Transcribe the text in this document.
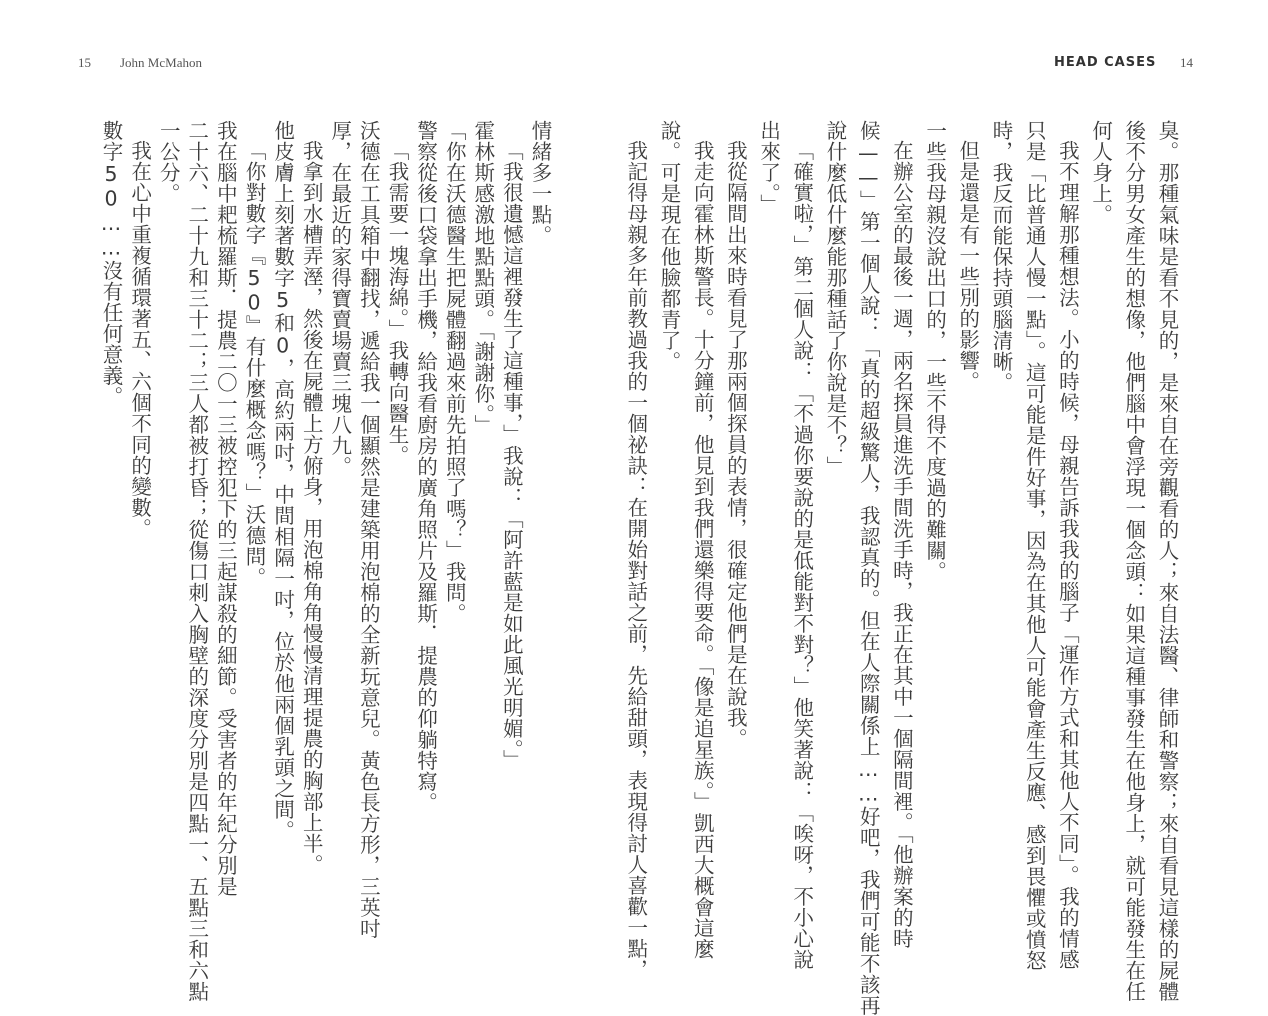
15 John McMahon	HEAD CASES 14
臭。那種氣味是看不見的，是來自在旁觀看的人；來自法醫、律師和警察；來自看見這樣的屍體
後不分男女產生的想像，他們腦中會浮現一個念頭：如果這種事發生在他身上，就可能發生在任
何人身上。
我不理解那種想法。小的時候，母親告訴我我的腦子「運作方式和其他人不同」。我的情感
只是「比普通人慢一點」。這可能是件好事，因為在其他人可能會產生反應、感到畏懼或憤怒
時，我反而能保持頭腦清晰。
但是還是有一些別的影響。
一些我母親沒說出口的，一些不得不度過的難關。
在辦公室的最後一週，兩名探員進洗手間洗手時，我正在其中一個隔間裡。「他辦案的時
候——」第一個人說：「真的超級驚人，我認真的。但在人際關係上……好吧，我們可能不該再
說什麼低什麼能那種話了你說是不？」
「確實啦，」第二個人說：「不過你要說的是低能對不對？」他笑著說：「唉呀，不小心說
出來了。」
我從隔間出來時看見了那兩個探員的表情，很確定他們是在說我。
我走向霍林斯警長。十分鐘前，他見到我們還樂得要命。「像是追星族。」凱西大概會這麼
說。可是現在他臉都青了。
我記得母親多年前教過我的一個祕訣：在開始對話之前，先給甜頭，表現得討人喜歡一點，
情緒多一點。
「我很遺憾這裡發生了這種事，」我說：「阿許藍是如此風光明媚。」
霍林斯感激地點點頭。「謝謝你。」
「你在沃德醫生把屍體翻過來前先拍照了嗎？」我問。
警察從後口袋拿出手機，給我看廚房的廣角照片及羅斯．提農的仰躺特寫。
「我需要一塊海綿。」我轉向醫生。
沃德在工具箱中翻找，遞給我一個顯然是建築用泡棉的全新玩意兒。黃色長方形，三英吋
厚，在最近的家得寶賣場賣三塊八九。
我拿到水槽弄溼，然後在屍體上方俯身，用泡棉角角慢慢清理提農的胸部上半。
他皮膚上刻著數字5和0，高約兩吋，中間相隔一吋，位於他兩個乳頭之間。
「你對數字『50』有什麼概念嗎？」沃德問。
我在腦中耙梳羅斯．提農二〇一三被控犯下的三起謀殺的細節。受害者的年紀分別是
二十六、二十九和三十二；三人都被打昏；從傷口刺入胸壁的深度分別是四點一、五點三和六點
一公分。
我在心中重複循環著五、六個不同的變數。
數字50……沒有任何意義。
